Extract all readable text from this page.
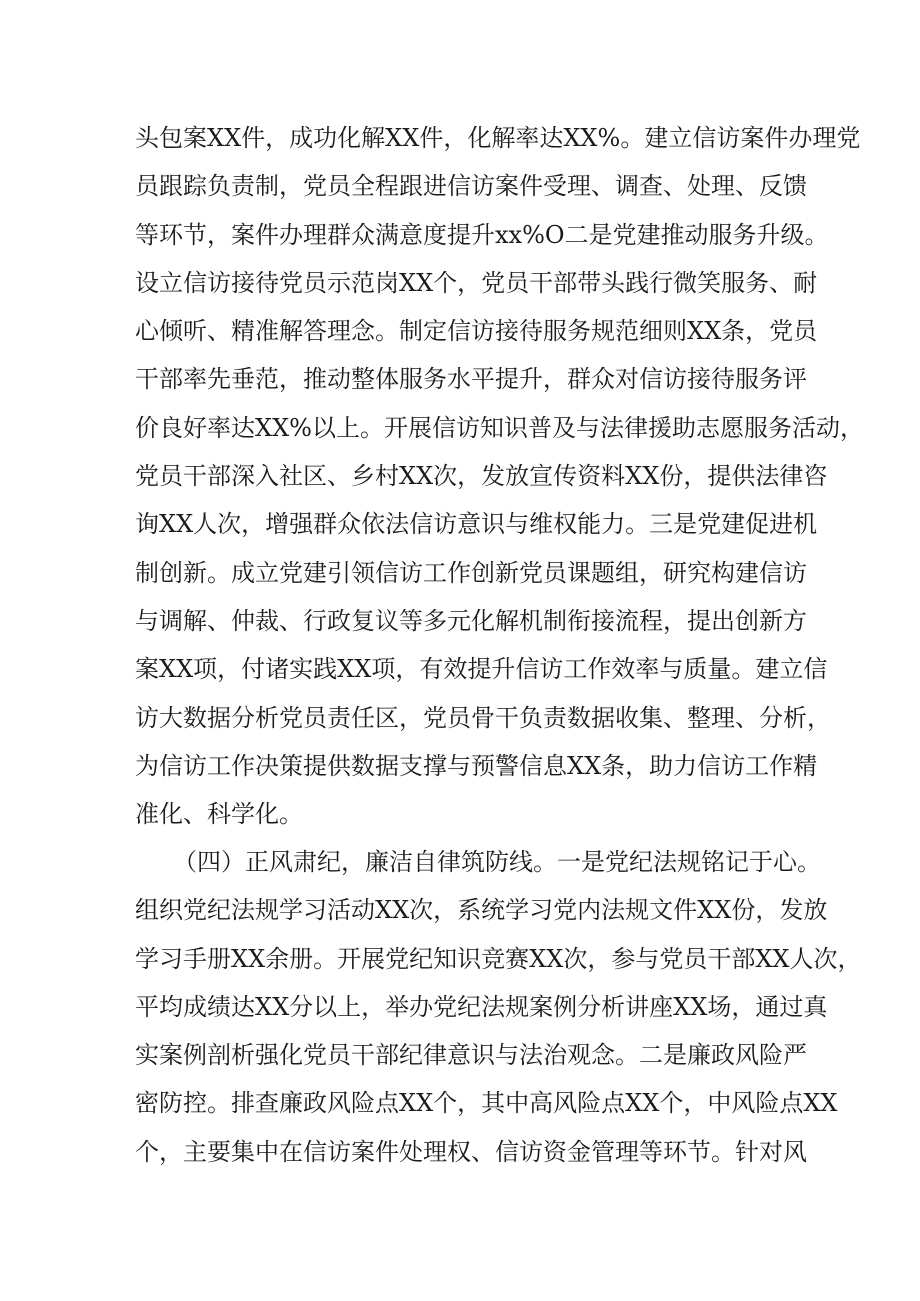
头包案XX件，成功化解XX件，化解率达XX%。建立信访案件办理党
员跟踪负责制，党员全程跟进信访案件受理、调查、处理、反馈
等环节，案件办理群众满意度提升xx%O二是党建推动服务升级。
设立信访接待党员示范岗XX个，党员干部带头践行微笑服务、耐
心倾听、精准解答理念。制定信访接待服务规范细则XX条，党员
干部率先垂范，推动整体服务水平提升，群众对信访接待服务评
价良好率达XX%以上。开展信访知识普及与法律援助志愿服务活动，
党员干部深入社区、乡村XX次，发放宣传资料XX份，提供法律咨
询XX人次，增强群众依法信访意识与维权能力。三是党建促进机
制创新。成立党建引领信访工作创新党员课题组，研究构建信访
与调解、仲裁、行政复议等多元化解机制衔接流程，提出创新方
案XX项，付诸实践XX项，有效提升信访工作效率与质量。建立信
访大数据分析党员责任区，党员骨干负责数据收集、整理、分析，
为信访工作决策提供数据支撑与预警信息XX条，助力信访工作精
准化、科学化。
（四）正风肃纪，廉洁自律筑防线。一是党纪法规铭记于心。
组织党纪法规学习活动XX次，系统学习党内法规文件XX份，发放
学习手册XX余册。开展党纪知识竞赛XX次，参与党员干部XX人次，
平均成绩达XX分以上，举办党纪法规案例分析讲座XX场，通过真
实案例剖析强化党员干部纪律意识与法治观念。二是廉政风险严
密防控。排查廉政风险点XX个，其中高风险点XX个，中风险点XX
个，主要集中在信访案件处理权、信访资金管理等环节。针对风
